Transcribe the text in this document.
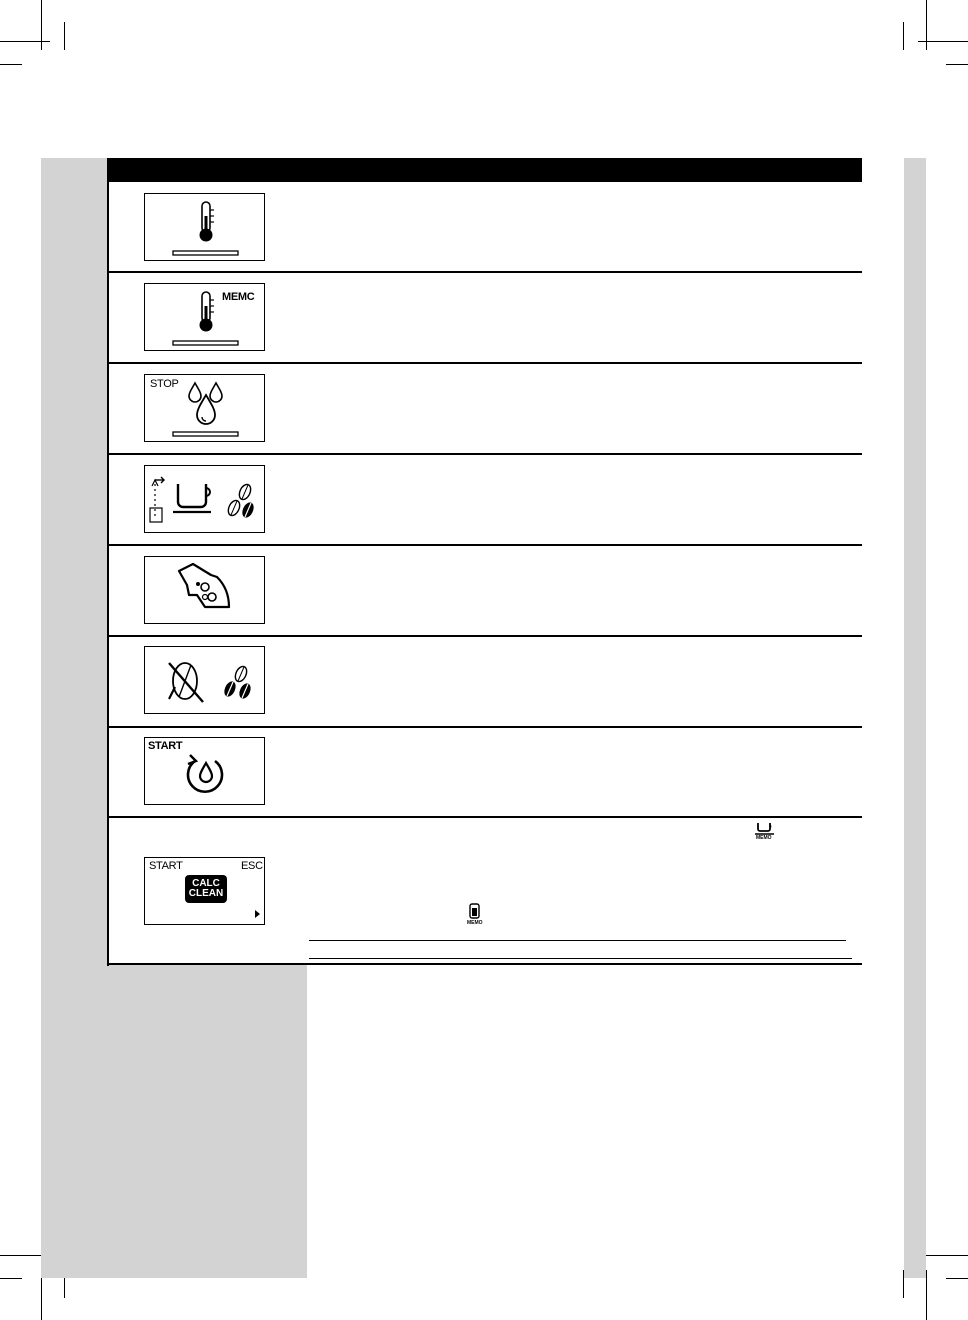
MEMC
STOP
START
START	ESC
CALC
CLEAN
MEMO
MEMO
